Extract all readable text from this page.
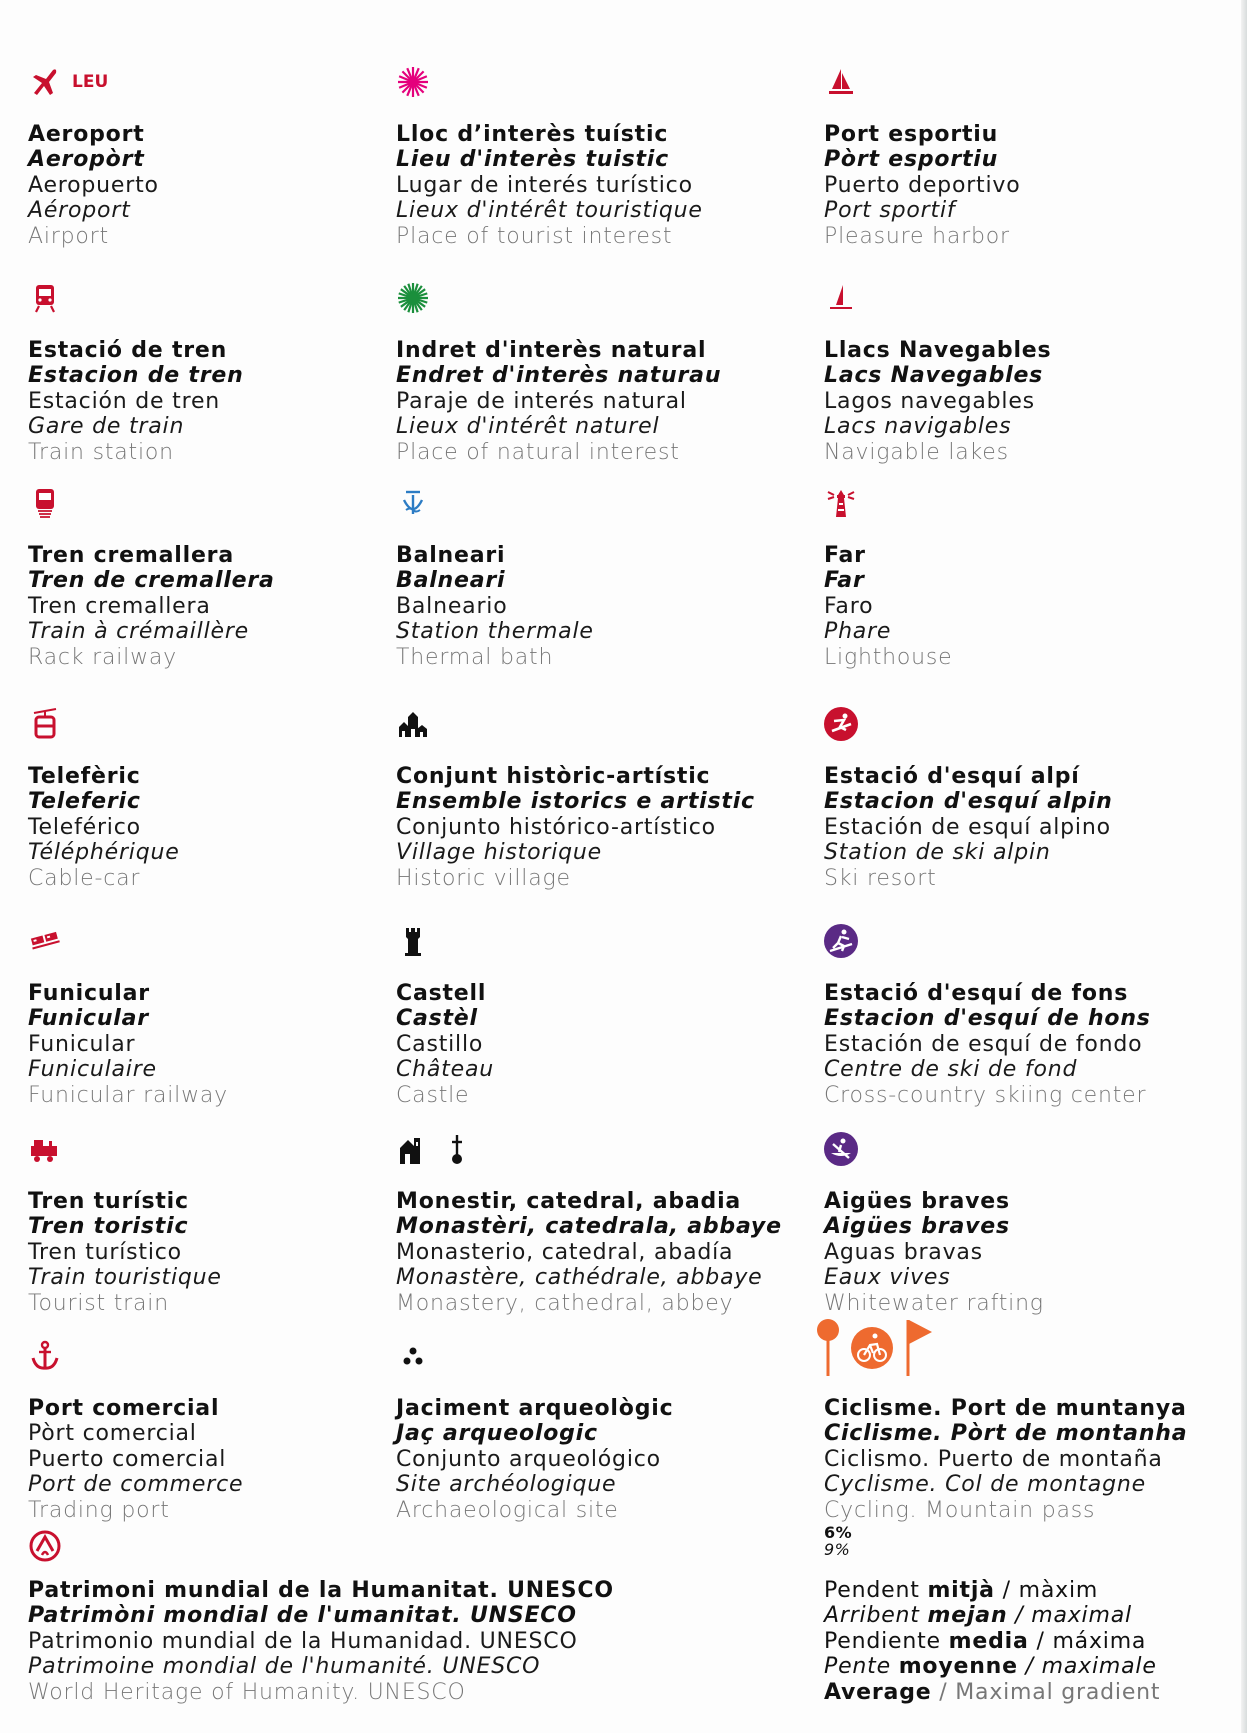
LEU
Aeroport
Aeropòrt
Aeropuerto
Aéroport
Airport
Estació de tren
Estacion de tren
Estación de tren
Gare de train
Train station
Tren cremallera
Tren de cremallera
Tren cremallera
Train à crémaillère
Rack railway
Telefèric
Teleferic
Teleférico
Téléphérique
Cable-car
Funicular
Funicular
Funicular
Funiculaire
Funicular railway
Tren turístic
Tren toristic
Tren turístico
Train touristique
Tourist train
Port comercial
Pòrt comercial
Puerto comercial
Port de commerce
Trading port
Lloc d’interès tuístic
Lieu d'interès tuistic
Lugar de interés turístico
Lieux d'intérêt touristique
Place of tourist interest
Indret d'interès natural
Endret d'interès naturau
Paraje de interés natural
Lieux d'intérêt naturel
Place of natural interest
Balneari
Balneari
Balneario
Station thermale
Thermal bath
Conjunt històric-artístic
Ensemble istorics e artistic
Conjunto histórico-artístico
Village historique
Historic village
Castell
Castèl
Castillo
Château
Castle
Monestir, catedral, abadia
Monastèri, catedrala, abbaye
Monasterio, catedral, abadía
Monastère, cathédrale, abbaye
Monastery, cathedral, abbey
Jaciment arqueològic
Jaç arqueologic
Conjunto arqueológico
Site archéologique
Archaeological site
Port esportiu
Pòrt esportiu
Puerto deportivo
Port sportif
Pleasure harbor
Llacs Navegables
Lacs Navegables
Lagos navegables
Lacs navigables
Navigable lakes
Far
Far
Faro
Phare
Lighthouse
Estació d'esquí alpí
Estacion d'esquí alpin
Estación de esquí alpino
Station de ski alpin
Ski resort
Estació d'esquí de fons
Estacion d'esquí de hons
Estación de esquí de fondo
Centre de ski de fond
Cross-country skiing center
Aigües braves
Aigües braves
Aguas bravas
Eaux vives
Whitewater rafting
Ciclisme. Port de muntanya
Ciclisme. Pòrt de montanha
Ciclismo. Puerto de montaña
Cyclisme. Col de montagne
Cycling. Mountain pass
Patrimoni mundial de la Humanitat. UNESCO
Patrimòni mondial de l'umanitat. UNSECO
Patrimonio mundial de la Humanidad. UNESCO
Patrimoine mondial de l'humanité. UNESCO
World Heritage of Humanity. UNESCO
6%
9%
Pendent mitjà / màxim
Arribent mejan / maximal
Pendiente media / máxima
Pente moyenne / maximale
Average / Maximal gradient
